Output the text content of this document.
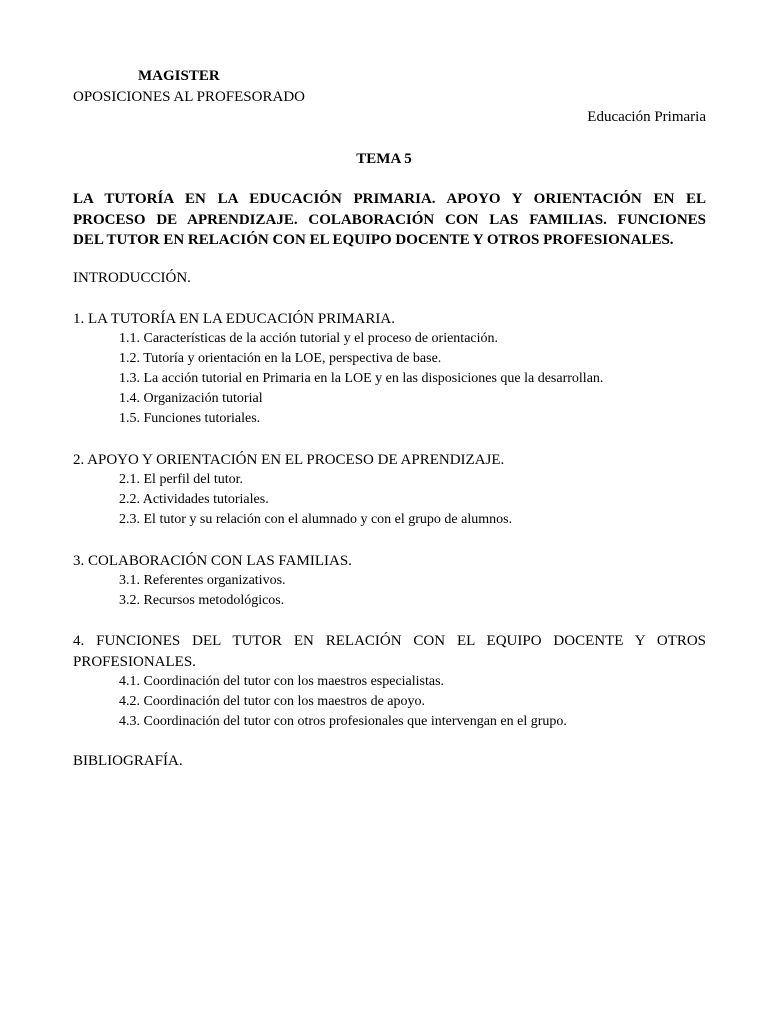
MAGISTER
OPOSICIONES AL PROFESORADO
Educación Primaria
TEMA 5
LA TUTORÍA EN LA EDUCACIÓN PRIMARIA. APOYO Y ORIENTACIÓN EN EL
PROCESO DE APRENDIZAJE. COLABORACIÓN CON LAS FAMILIAS. FUNCIONES
DEL TUTOR EN RELACIÓN CON EL EQUIPO DOCENTE Y OTROS PROFESIONALES.
INTRODUCCIÓN.
1. LA TUTORÍA EN LA EDUCACIÓN PRIMARIA.
1.1. Características de la acción tutorial y el proceso de orientación.
1.2. Tutoría y orientación en la LOE, perspectiva de base.
1.3. La acción tutorial en Primaria en la LOE y en las disposiciones que la desarrollan.
1.4. Organización tutorial
1.5. Funciones tutoriales.
2. APOYO Y ORIENTACIÓN EN EL PROCESO DE APRENDIZAJE.
2.1. El perfil del tutor.
2.2. Actividades tutoriales.
2.3. El tutor y su relación con el alumnado y con el grupo de alumnos.
3. COLABORACIÓN CON LAS FAMILIAS.
3.1. Referentes organizativos.
3.2. Recursos metodológicos.
4. FUNCIONES DEL TUTOR EN RELACIÓN CON EL EQUIPO DOCENTE Y OTROS
PROFESIONALES.
4.1. Coordinación del tutor con los maestros especialistas.
4.2. Coordinación del tutor con los maestros de apoyo.
4.3. Coordinación del tutor con otros profesionales que intervengan en el grupo.
BIBLIOGRAFÍA.
